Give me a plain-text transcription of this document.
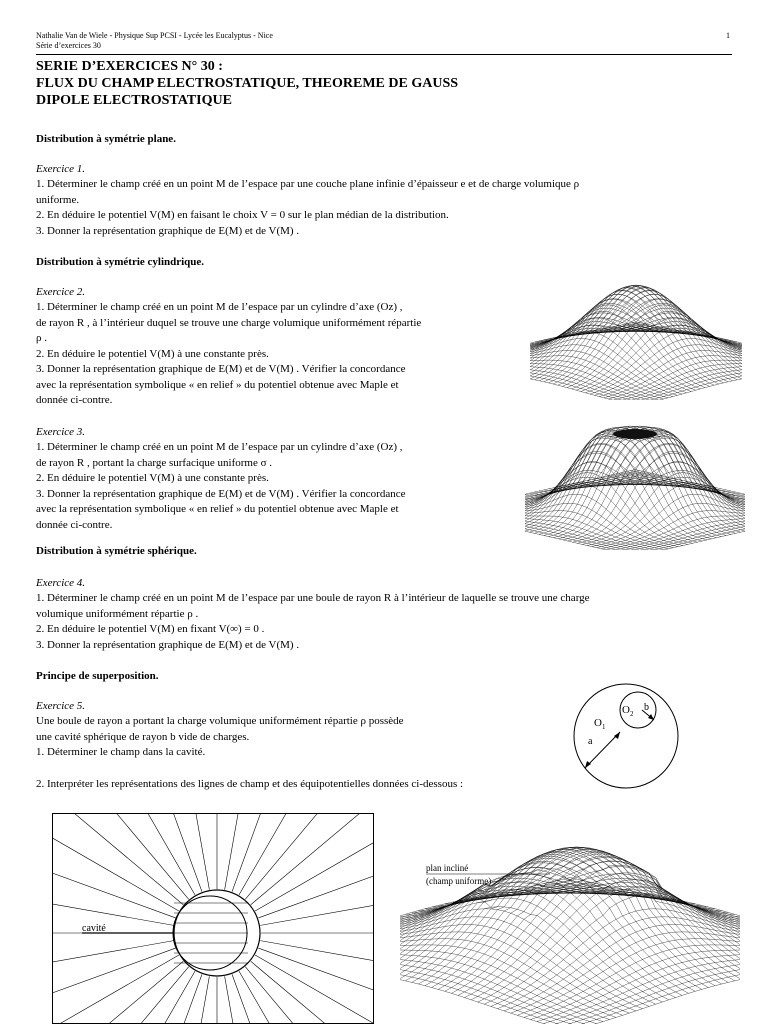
Nathalie Van de Wiele - Physique Sup PCSI - Lycée les Eucalyptus - Nice
Série d’exercices 30
1
SERIE D’EXERCICES N° 30 :
FLUX DU CHAMP ELECTROSTATIQUE, THEOREME DE GAUSS
DIPOLE ELECTROSTATIQUE
Distribution à symétrie plane.
Exercice 1.
1. Déterminer le champ créé en un point M de l’espace par une couche plane infinie d’épaisseur e et de charge volumique ρ
uniforme.
2. En déduire le potentiel V(M) en faisant le choix V = 0 sur le plan médian de la distribution.
3. Donner la représentation graphique de E(M) et de V(M) .
Distribution à symétrie cylindrique.
Exercice 2.
1. Déterminer le champ créé en un point M de l’espace par un cylindre d’axe (Oz) ,
de rayon R , à l’intérieur duquel se trouve une charge volumique uniformément répartie
ρ .
2. En déduire le potentiel V(M) à une constante près.
3. Donner la représentation graphique de E(M) et de V(M) . Vérifier la concordance
avec la représentation symbolique « en relief » du potentiel obtenue avec Maple et
donnée ci-contre.
Exercice 3.
1. Déterminer le champ créé en un point M de l’espace par un cylindre d’axe (Oz) ,
de rayon R , portant la charge surfacique uniforme σ .
2. En déduire le potentiel V(M) à une constante près.
3. Donner la représentation graphique de E(M) et de V(M) . Vérifier la concordance
avec la représentation symbolique « en relief » du potentiel obtenue avec Maple et
donnée ci-contre.
Distribution à symétrie sphérique.
Exercice 4.
1. Déterminer le champ créé en un point M de l’espace par une boule de rayon R à l’intérieur de laquelle se trouve une charge
volumique uniformément répartie ρ .
2. En déduire le potentiel V(M) en fixant V(∞) = 0 .
3. Donner la représentation graphique de E(M) et de V(M) .
Principe de superposition.
Exercice 5.
Une boule de rayon a portant la charge volumique uniformément répartie ρ possède
une cavité sphérique de rayon b vide de charges.
1. Déterminer le champ dans la cavité.
2. Interpréter les représentations des lignes de champ et des équipotentielles données ci-dessous :
$O_1$
$O_2$
a
b
cavité
plan incliné
(champ uniforme)
